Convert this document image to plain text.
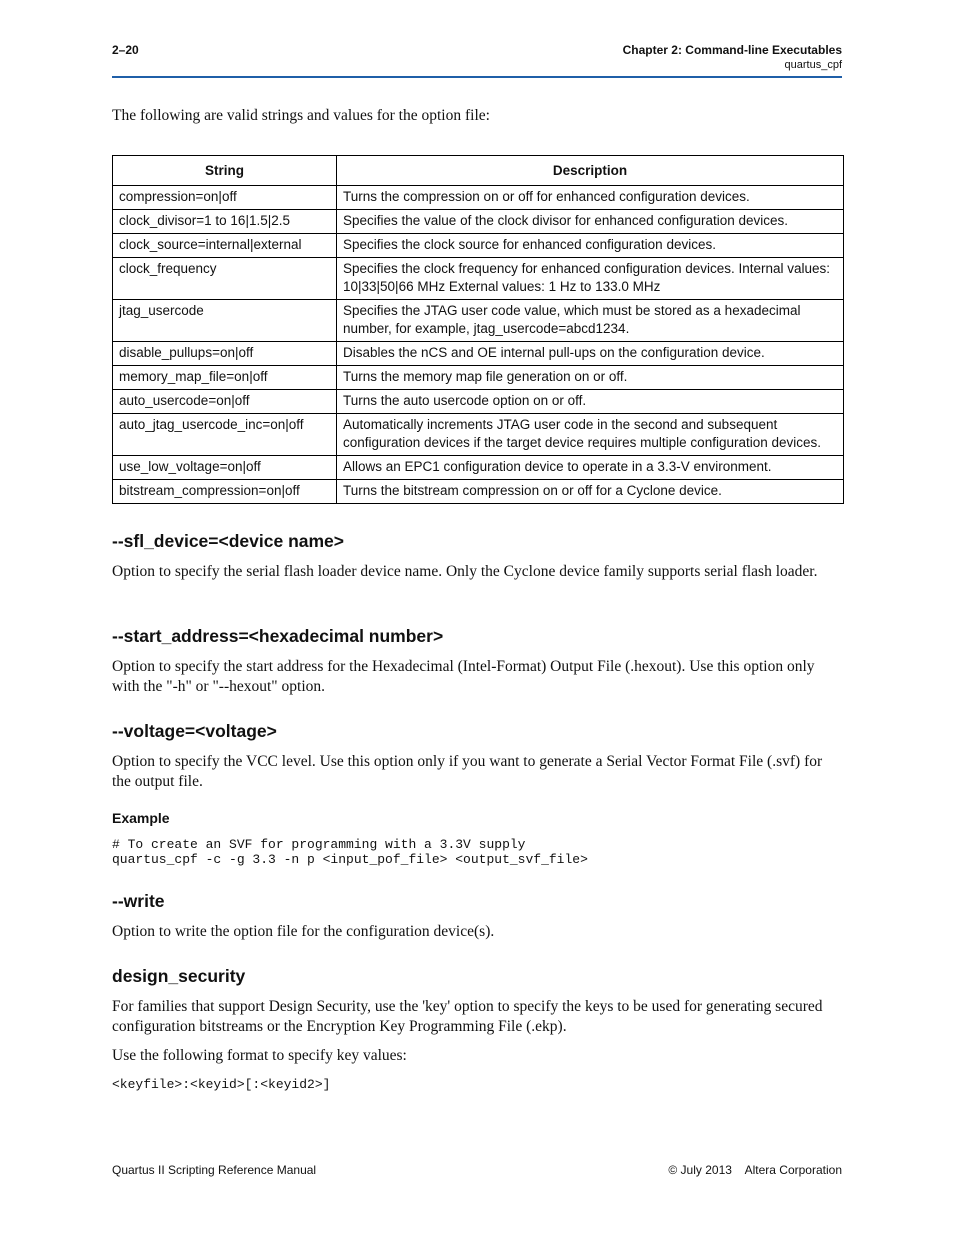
2–20	Chapter 2: Command-line Executables
quartus_cpf

The following are valid strings and values for the option file:

String	Description
compression=on|off	Turns the compression on or off for enhanced configuration devices.
clock_divisor=1 to 16|1.5|2.5	Specifies the value of the clock divisor for enhanced configuration devices.
clock_source=internal|external	Specifies the clock source for enhanced configuration devices.
clock_frequency	Specifies the clock frequency for enhanced configuration devices. Internal values: 10|33|50|66 MHz External values: 1 Hz to 133.0 MHz
jtag_usercode	Specifies the JTAG user code value, which must be stored as a hexadecimal number, for example, jtag_usercode=abcd1234.
disable_pullups=on|off	Disables the nCS and OE internal pull-ups on the configuration device.
memory_map_file=on|off	Turns the memory map file generation on or off.
auto_usercode=on|off	Turns the auto usercode option on or off.
auto_jtag_usercode_inc=on|off	Automatically increments JTAG user code in the second and subsequent configuration devices if the target device requires multiple configuration devices.
use_low_voltage=on|off	Allows an EPC1 configuration device to operate in a 3.3-V environment.
bitstream_compression=on|off	Turns the bitstream compression on or off for a Cyclone device.
--sfl_device=<device name>

Option to specify the serial flash loader device name. Only the Cyclone device family supports serial flash loader.

--start_address=<hexadecimal number>

Option to specify the start address for the Hexadecimal (Intel-Format) Output File (.hexout). Use this option only with the "-h" or "--hexout" option.

--voltage=<voltage>

Option to specify the VCC level. Use this option only if you want to generate a Serial Vector Format File (.svf) for the output file.

Example
# To create an SVF for programming with a 3.3V supply
quartus_cpf -c -g 3.3 -n p <input_pof_file> <output_svf_file>
--write

Option to write the option file for the configuration device(s).

design_security

For families that support Design Security, use the 'key' option to specify the keys to be used for generating secured configuration bitstreams or the Encryption Key Programming File (.ekp).

Use the following format to specify key values:

<keyfile>:<keyid>[:<keyid2>]
Quartus II Scripting Reference Manual	© July 2013 Altera Corporation
